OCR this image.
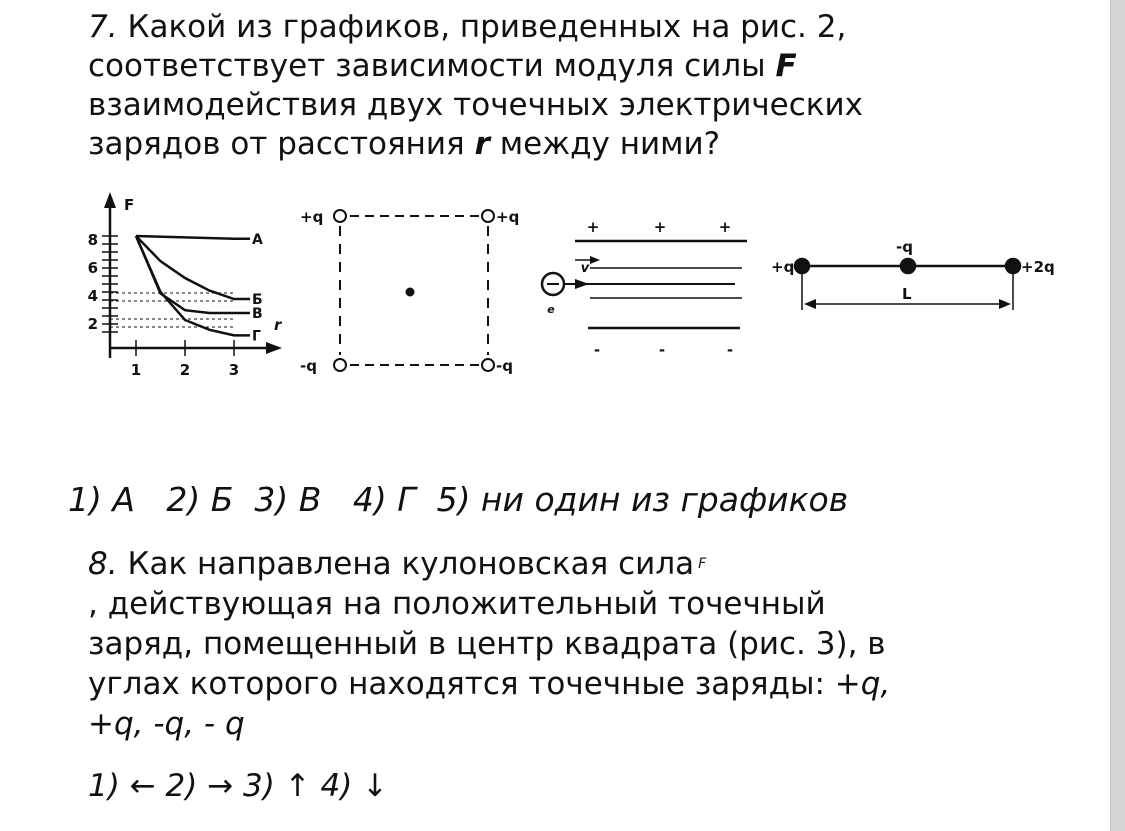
7. Какой из графиков, приведенных на рис. 2,

соответствует зависимости модуля силы F

взаимодействия двух точечных электрических

зарядов от расстояния r между ними?

А
Б
В
Г
F
r
8
6
4
2
1	2	3
+q	+q
-q	-q
+	+	+
-	-	-
v
e
+q
-q
+2q
L
1) А   2) Б  3) В   4) Г  5) ни один из графиков

8. Как направлена кулоновская сила F

, действующая на положительный точечный

заряд, помещенный в центр квадрата (рис. 3), в

углах которого находятся точечные заряды: +q,

+q, -q, - q

1) ← 2) → 3) ↑ 4) ↓
